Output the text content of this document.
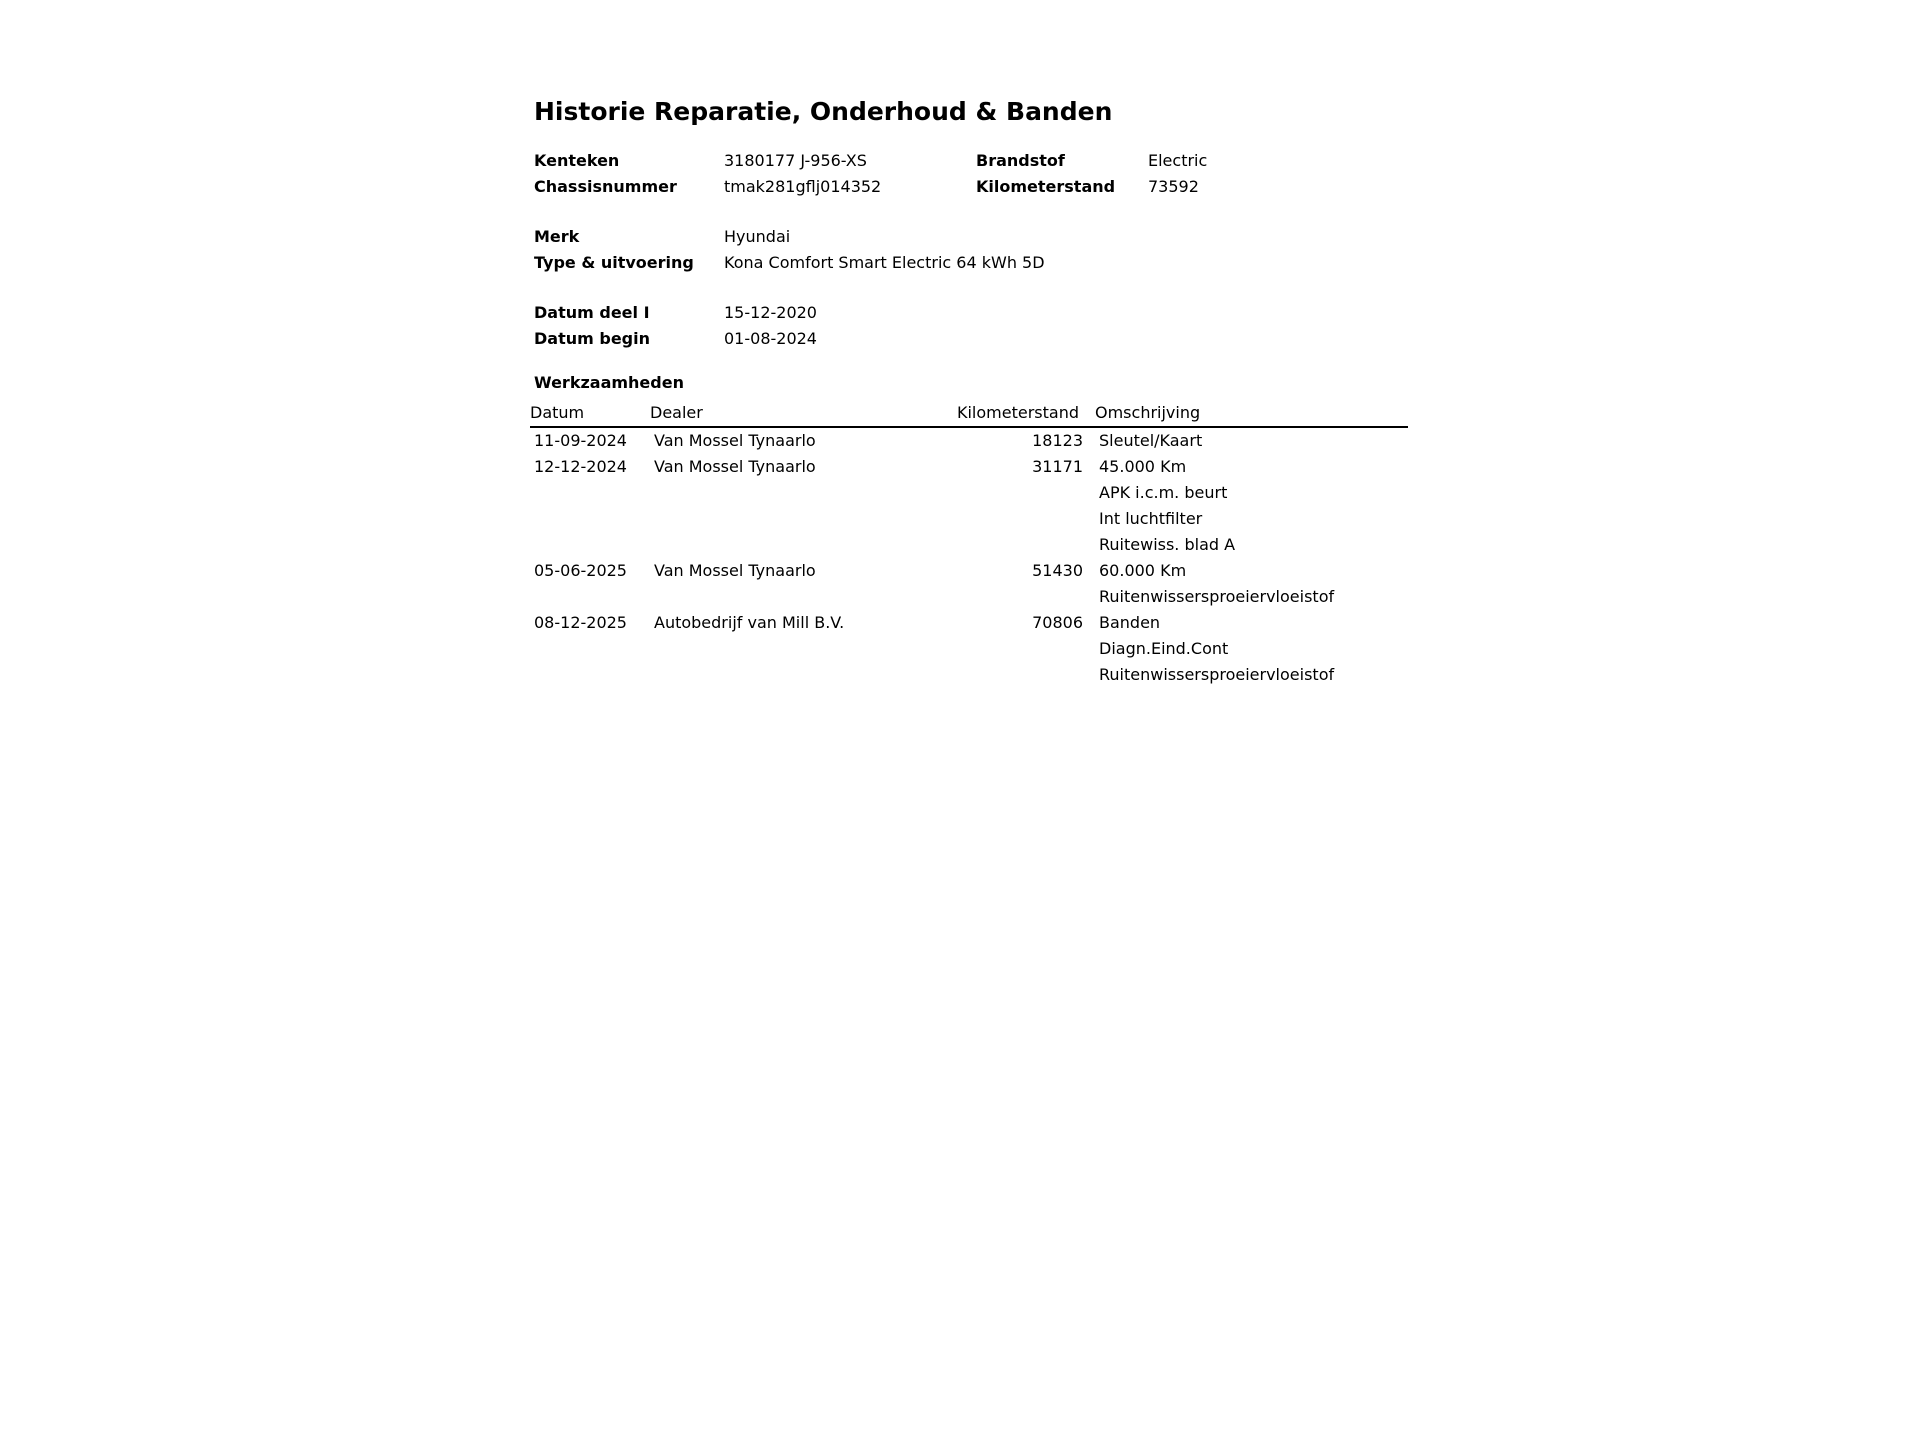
Historie Reparatie, Onderhoud & Banden
Kenteken	3180177 J-956-XS	Brandstof	Electric
Chassisnummer	tmak281gflj014352	Kilometerstand 73592
Merk	Hyundai
Type & uitvoering Kona Comfort Smart Electric 64 kWh 5D
Datum deel I	15-12-2020
Datum begin	01-08-2024
Werkzaamheden
Datum	Dealer	Kilometerstand Omschrijving
11-09-2024 Van Mossel Tynaarlo	18123 Sleutel/Kaart
12-12-2024 Van Mossel Tynaarlo	31171 45.000 Km
APK i.c.m. beurt
Int luchtfilter
Ruitewiss. blad A
05-06-2025 Van Mossel Tynaarlo	51430 60.000 Km
Ruitenwissersproeiervloeistof
08-12-2025 Autobedrijf van Mill B.V.	70806 Banden
Diagn.Eind.Cont
Ruitenwissersproeiervloeistof
